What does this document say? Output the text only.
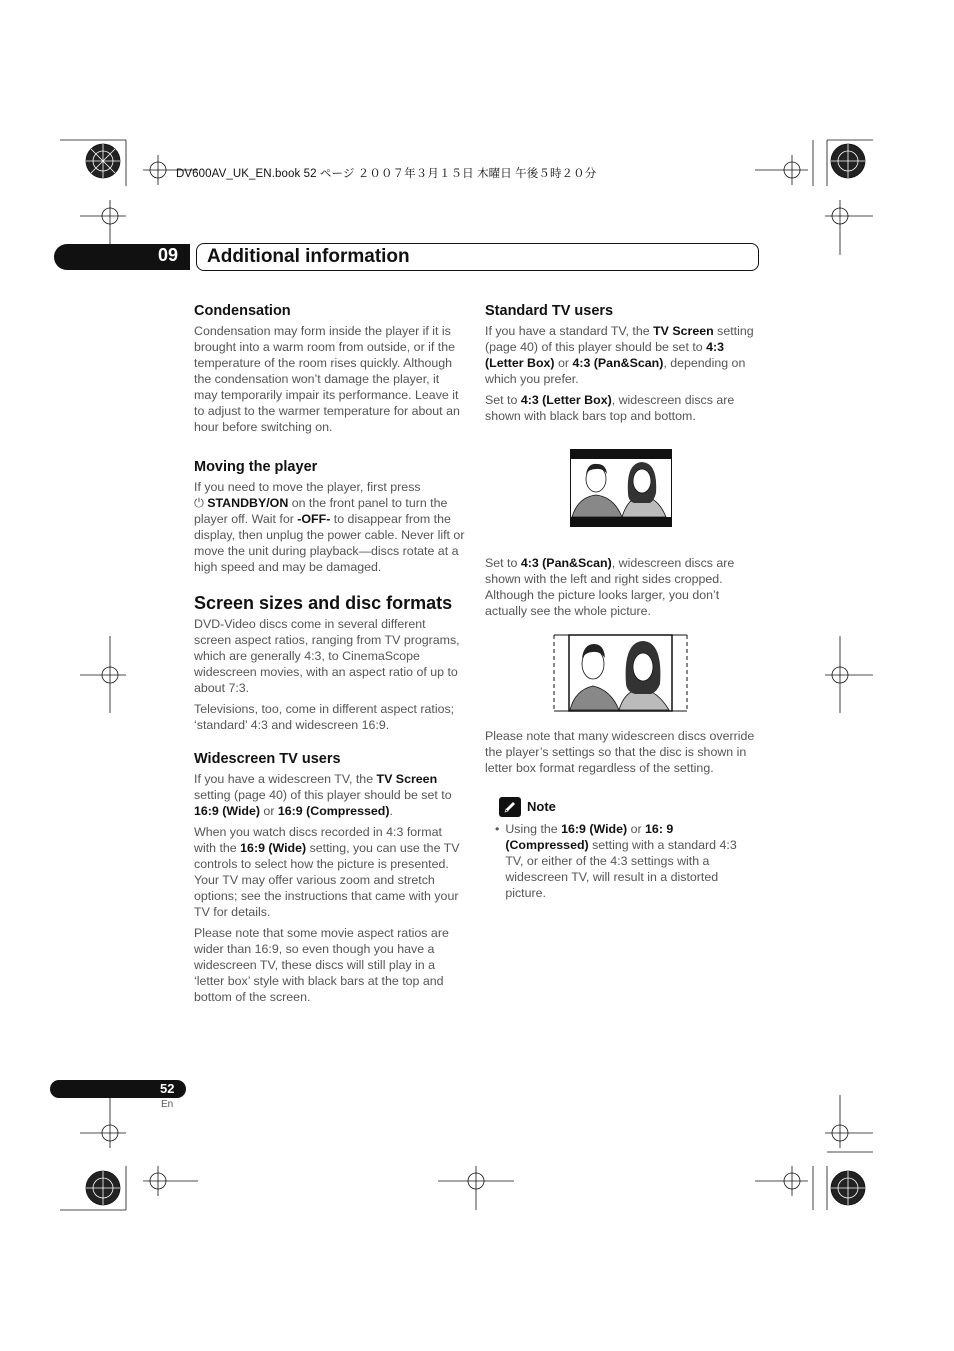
DV600AV_UK_EN.book 52 ページ ２００７年３月１５日 木曜日 午後５時２０分
09 Additional information
Condensation

Condensation may form inside the player if it is brought into a warm room from outside, or if the temperature of the room rises quickly. Although the condensation won’t damage the player, it may temporarily impair its performance. Leave it to adjust to the warmer temperature for about an hour before switching on.

Moving the player

If you need to move the player, first press
⏻ STANDBY/ON on the front panel to turn the player off. Wait for -OFF- to disappear from the display, then unplug the power cable. Never lift or move the unit during playback—discs rotate at a high speed and may be damaged.

Screen sizes and disc formats

DVD-Video discs come in several different screen aspect ratios, ranging from TV programs, which are generally 4:3, to CinemaScope widescreen movies, with an aspect ratio of up to about 7:3.

Televisions, too, come in different aspect ratios; ‘standard’ 4:3 and widescreen 16:9.

Widescreen TV users

If you have a widescreen TV, the TV Screen setting (page 40) of this player should be set to 16:9 (Wide) or 16:9 (Compressed).

When you watch discs recorded in 4:3 format with the 16:9 (Wide) setting, you can use the TV controls to select how the picture is presented. Your TV may offer various zoom and stretch options; see the instructions that came with your TV for details.

Please note that some movie aspect ratios are wider than 16:9, so even though you have a widescreen TV, these discs will still play in a ‘letter box’ style with black bars at the top and bottom of the screen.

Standard TV users

If you have a standard TV, the TV Screen setting (page 40) of this player should be set to 4:3 (Letter Box) or 4:3 (Pan&Scan), depending on which you prefer.

Set to 4:3 (Letter Box), widescreen discs are shown with black bars top and bottom.

Set to 4:3 (Pan&Scan), widescreen discs are shown with the left and right sides cropped. Although the picture looks larger, you don’t actually see the whole picture.

Please note that many widescreen discs override the player’s settings so that the disc is shown in letter box format regardless of the setting.

Note
• Using the 16:9 (Wide) or 16: 9 (Compressed) setting with a standard 4:3 TV, or either of the 4:3 settings with a widescreen TV, will result in a distorted picture.
52
En
